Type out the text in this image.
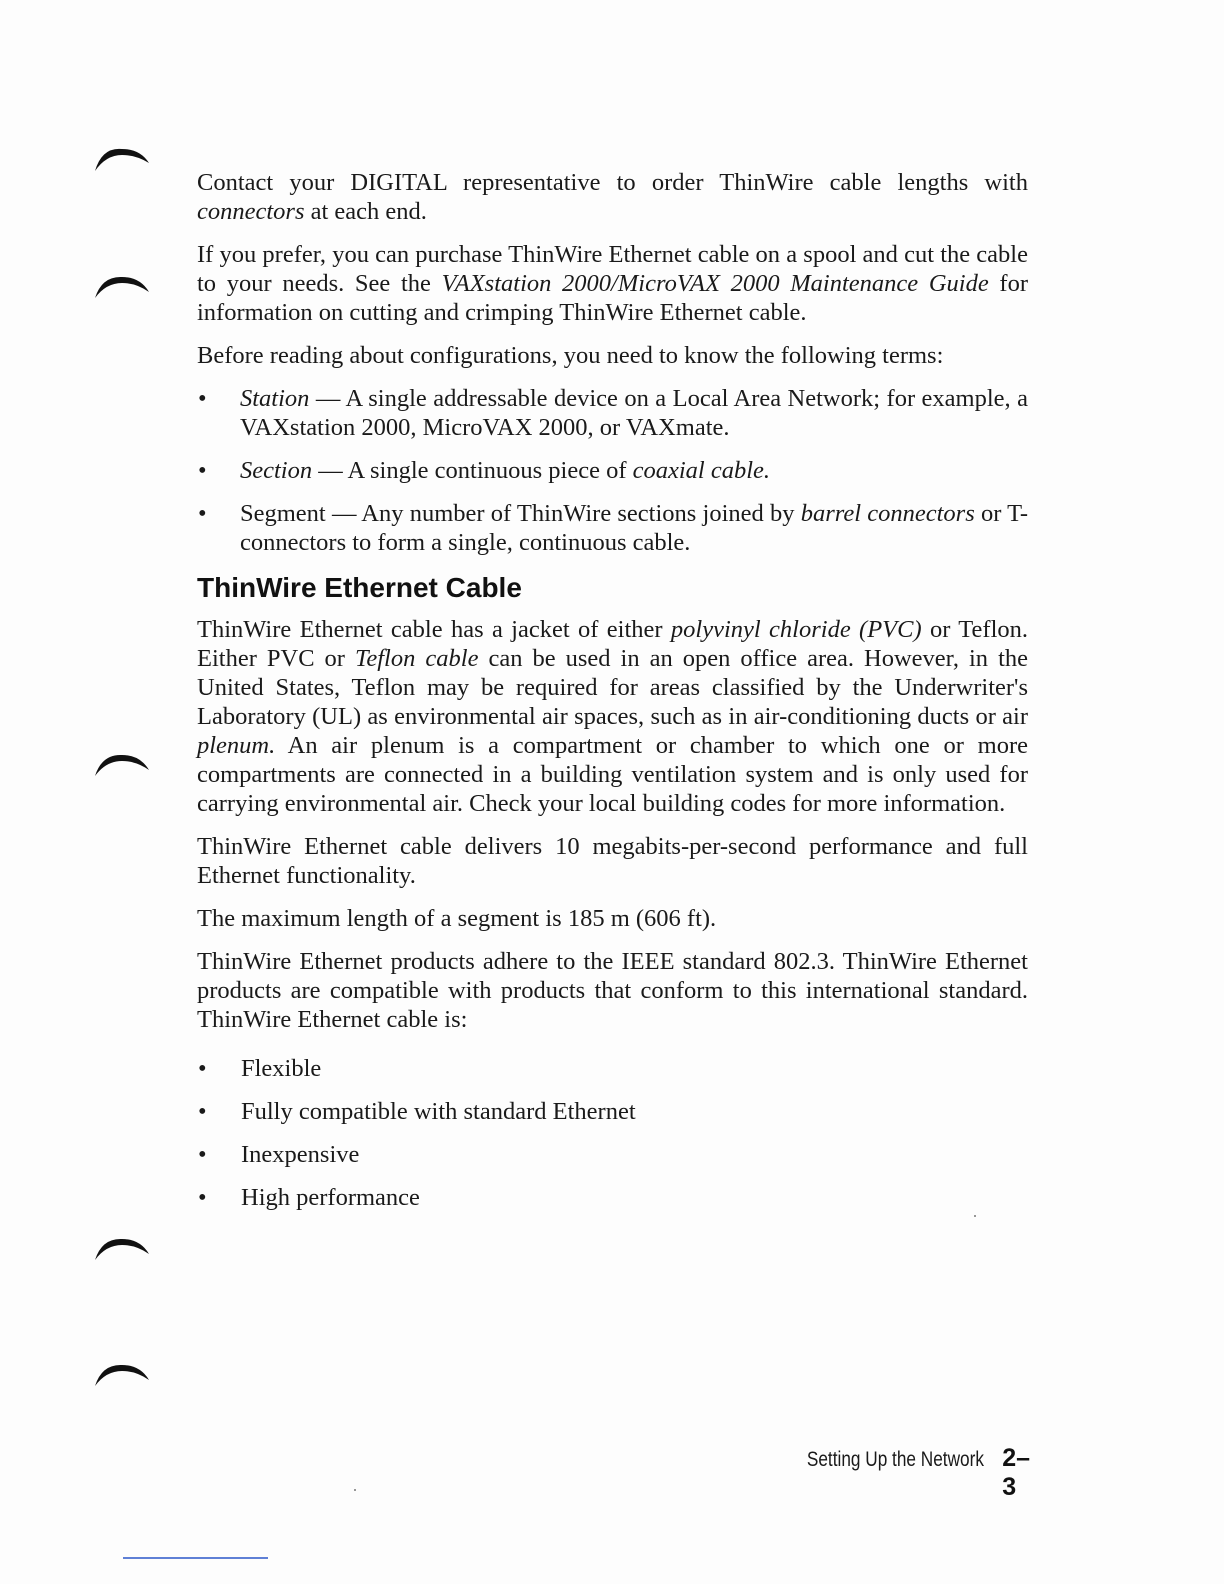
Contact your DIGITAL representative to order ThinWire cable lengths with connectors at each end.

If you prefer, you can purchase ThinWire Ethernet cable on a spool and cut the cable to your needs. See the VAXstation 2000/MicroVAX 2000 Maintenance Guide for information on cutting and crimping ThinWire Ethernet cable.

Before reading about configurations, you need to know the following terms:

• Station — A single addressable device on a Local Area Network; for example, a VAXstation 2000, MicroVAX 2000, or VAXmate.
• Section — A single continuous piece of coaxial cable.
• Segment — Any number of ThinWire sections joined by barrel connectors or T-connectors to form a single, continuous cable.
ThinWire Ethernet Cable

ThinWire Ethernet cable has a jacket of either polyvinyl chloride (PVC) or Teflon. Either PVC or Teflon cable can be used in an open office area. However, in the United States, Teflon may be required for areas classified by the Underwriter's Laboratory (UL) as environmental air spaces, such as in air-conditioning ducts or air plenum. An air plenum is a compartment or chamber to which one or more compartments are connected in a building ventilation system and is only used for carrying environmental air. Check your local building codes for more information.

ThinWire Ethernet cable delivers 10 megabits-per-second performance and full Ethernet functionality.

The maximum length of a segment is 185 m (606 ft).

ThinWire Ethernet products adhere to the IEEE standard 802.3. ThinWire Ethernet products are compatible with products that conform to this international standard. ThinWire Ethernet cable is:

• Flexible
• Fully compatible with standard Ethernet
• Inexpensive
• High performance
Setting Up the Network 2–3
